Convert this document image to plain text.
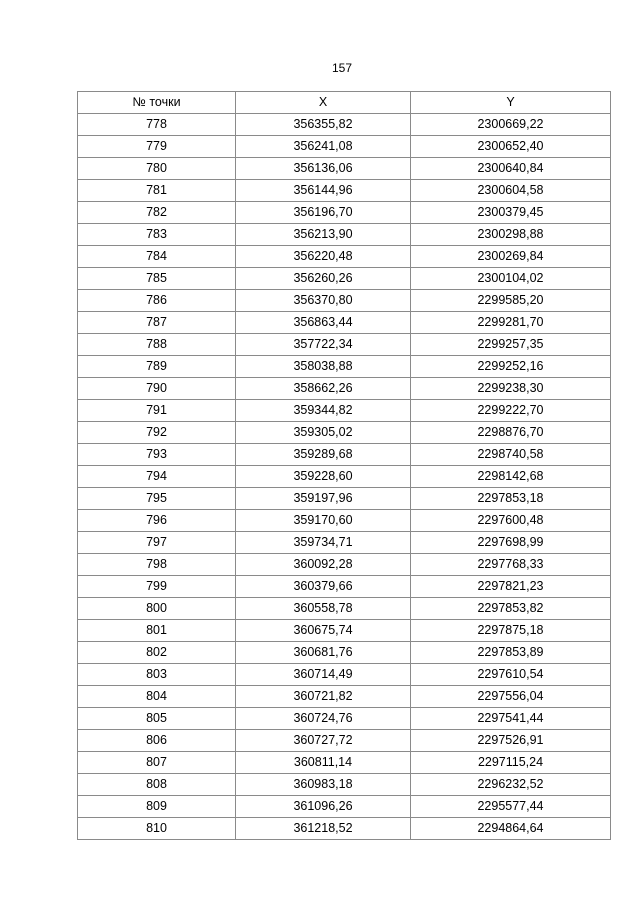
157
№ точки	X	Y
778	356355,82	2300669,22
779	356241,08	2300652,40
780	356136,06	2300640,84
781	356144,96	2300604,58
782	356196,70	2300379,45
783	356213,90	2300298,88
784	356220,48	2300269,84
785	356260,26	2300104,02
786	356370,80	2299585,20
787	356863,44	2299281,70
788	357722,34	2299257,35
789	358038,88	2299252,16
790	358662,26	2299238,30
791	359344,82	2299222,70
792	359305,02	2298876,70
793	359289,68	2298740,58
794	359228,60	2298142,68
795	359197,96	2297853,18
796	359170,60	2297600,48
797	359734,71	2297698,99
798	360092,28	2297768,33
799	360379,66	2297821,23
800	360558,78	2297853,82
801	360675,74	2297875,18
802	360681,76	2297853,89
803	360714,49	2297610,54
804	360721,82	2297556,04
805	360724,76	2297541,44
806	360727,72	2297526,91
807	360811,14	2297115,24
808	360983,18	2296232,52
809	361096,26	2295577,44
810	361218,52	2294864,64
